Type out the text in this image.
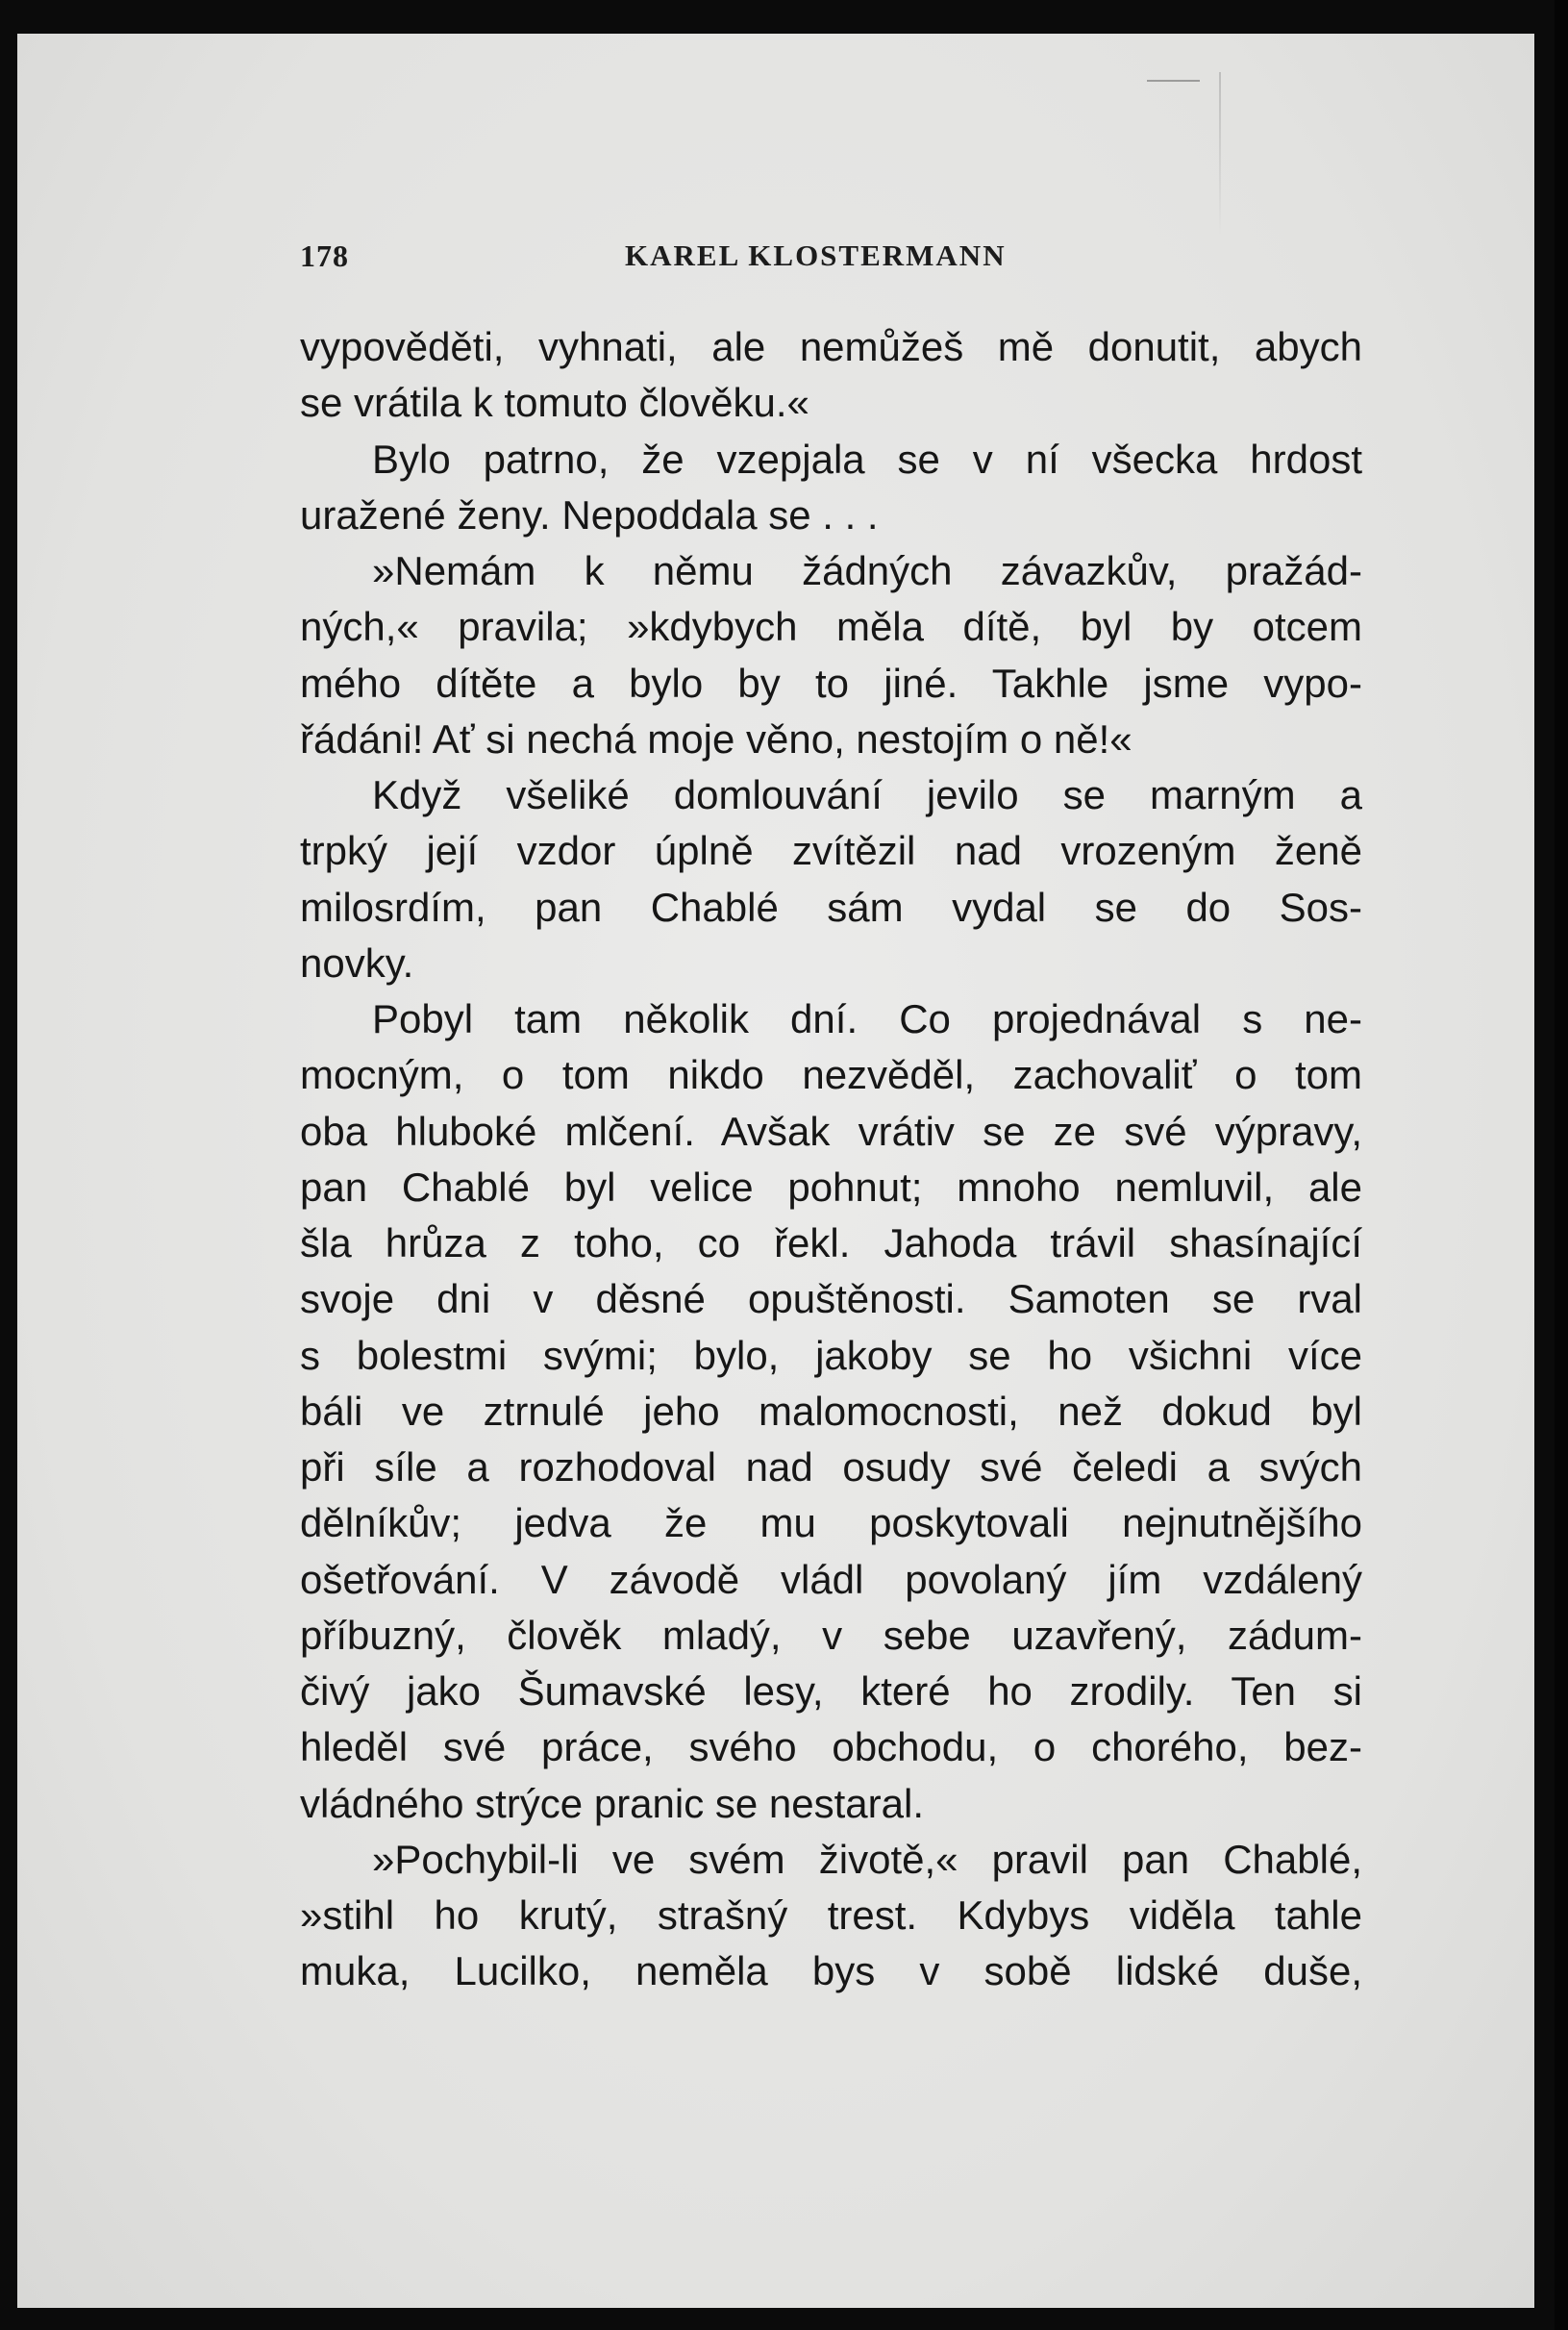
178	KAREL KLOSTERMANN
vypověděti, vyhnati, ale nemůžeš mě donutit, abych
se vrátila k tomuto člověku.«
Bylo patrno, že vzepjala se v ní všecka hrdost
uražené ženy. Nepoddala se . . .
»Nemám k němu žádných závazkův, pražád-
ných,« pravila; »kdybych měla dítě, byl by otcem
mého dítěte a bylo by to jiné. Takhle jsme vypo-
řádáni! Ať si nechá moje věno, nestojím o ně!«
Když všeliké domlouvání jevilo se marným a
trpký její vzdor úplně zvítězil nad vrozeným ženě
milosrdím, pan Chablé sám vydal se do Sos-
novky.
Pobyl tam několik dní. Co projednával s ne-
mocným, o tom nikdo nezvěděl, zachovaliť o tom
oba hluboké mlčení. Avšak vrátiv se ze své výpravy,
pan Chablé byl velice pohnut; mnoho nemluvil, ale
šla hrůza z toho, co řekl. Jahoda trávil shasínající
svoje dni v děsné opuštěnosti. Samoten se rval
s bolestmi svými; bylo, jakoby se ho všichni více
báli ve ztrnulé jeho malomocnosti, než dokud byl
při síle a rozhodoval nad osudy své čeledi a svých
dělníkův; jedva že mu poskytovali nejnutnějšího
ošetřování. V závodě vládl povolaný jím vzdálený
příbuzný, člověk mladý, v sebe uzavřený, zádum-
čivý jako Šumavské lesy, které ho zrodily. Ten si
hleděl své práce, svého obchodu, o chorého, bez-
vládného strýce pranic se nestaral.
»Pochybil-li ve svém životě,« pravil pan Chablé,
»stihl ho krutý, strašný trest. Kdybys viděla tahle
muka, Lucilko, neměla bys v sobě lidské duše,
